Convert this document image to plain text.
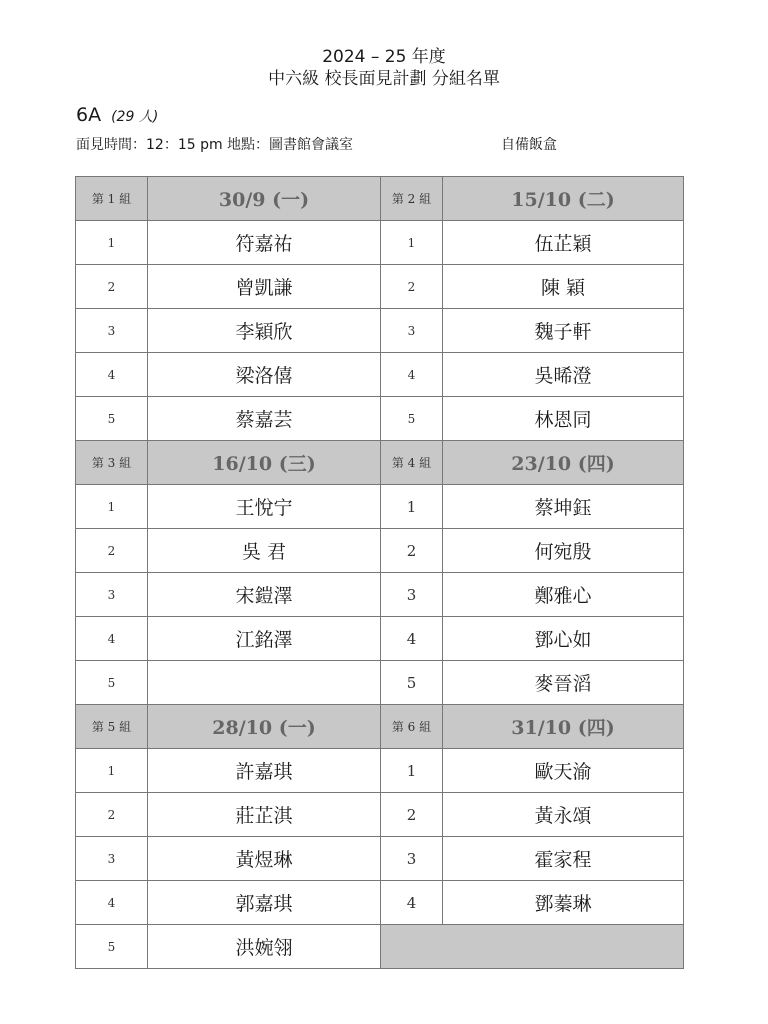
2024 – 25 年度
中六級 校長面見計劃 分組名單
6A (29 人)
面見時間：12：15 pm 地點：圖書館會議室	自備飯盒
第 1 組	30/9 (一)	第 2 組	15/10 (二)
1	符嘉祐	1	伍芷穎
2	曾凱謙	2	陳 穎
3	李穎欣	3	魏子軒
4	梁洛僖	4	吳晞澄
5	蔡嘉芸	5	林恩同
第 3 組	16/10 (三)	第 4 組	23/10 (四)
1	王悅宁	1	蔡坤鈺
2	吳 君	2	何宛殷
3	宋鎧澤	3	鄭雅心
4	江銘澤	4	鄧心如
5		5	麥晉滔
第 5 組	28/10 (一)	第 6 組	31/10 (四)
1	許嘉琪	1	歐天渝
2	莊芷淇	2	黃永頌
3	黃煜琳	3	霍家程
4	郭嘉琪	4	鄧蓁琳
5	洪婉翎		
